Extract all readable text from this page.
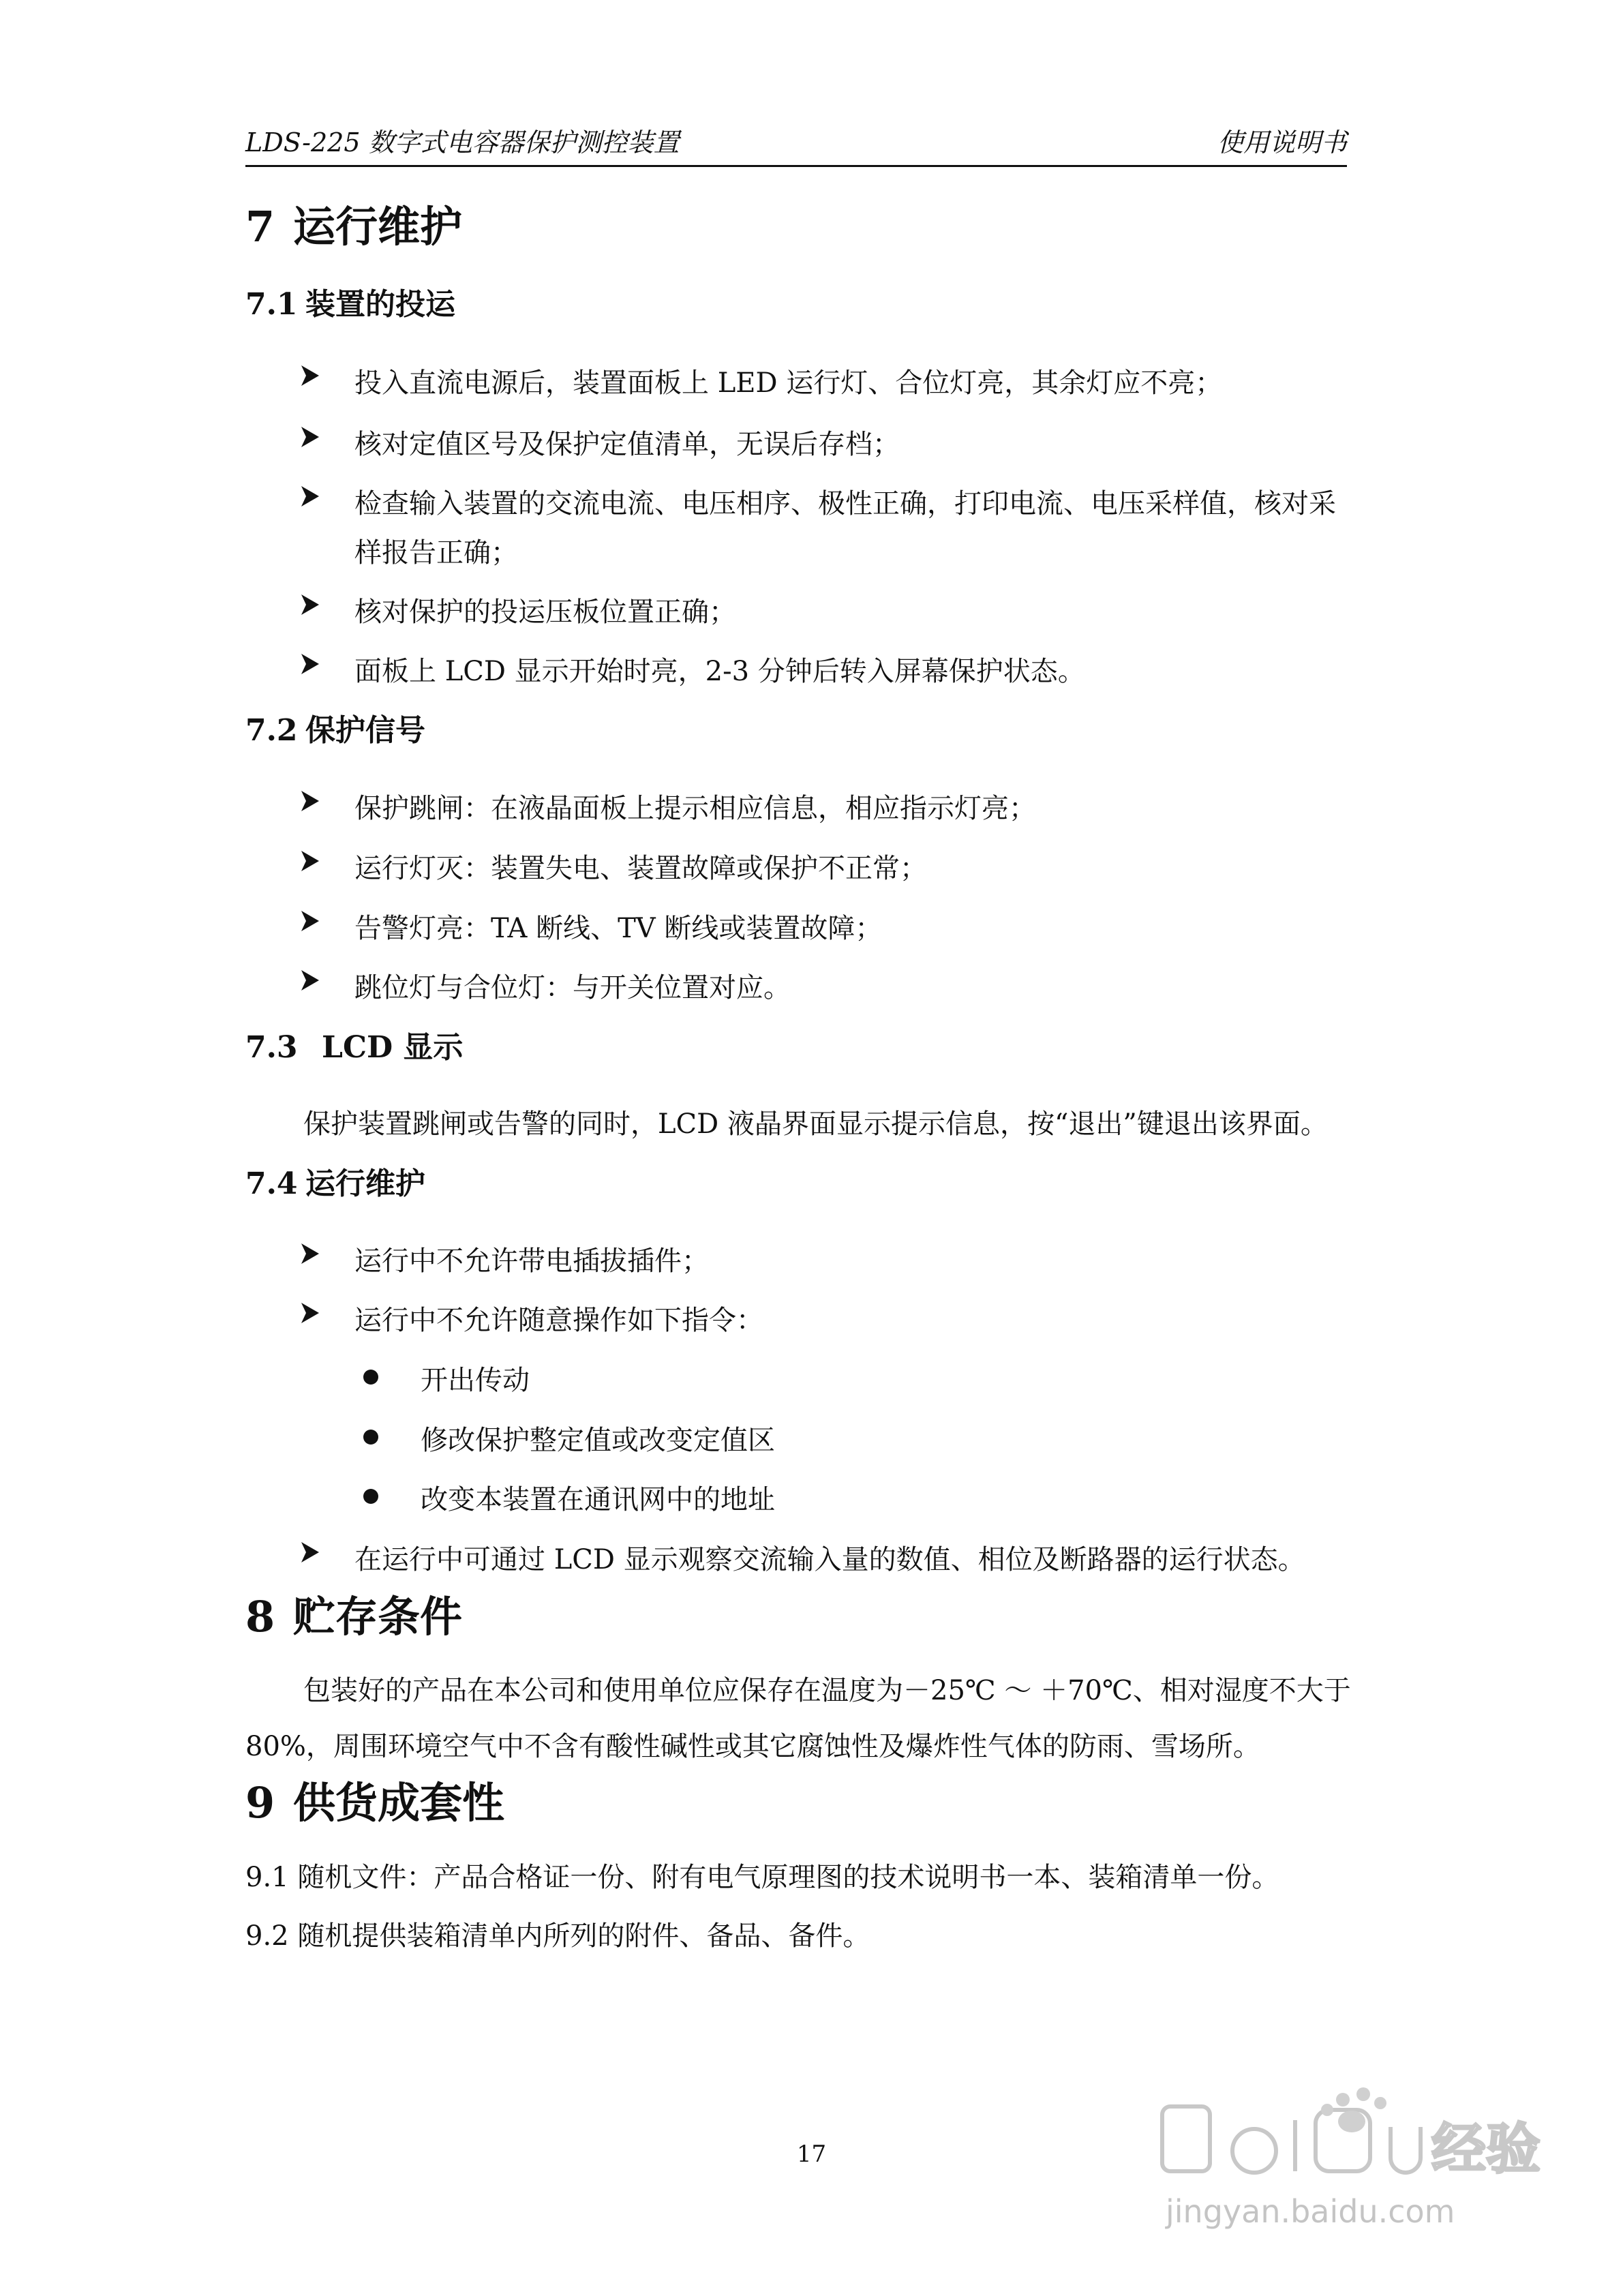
LDS-225 数字式电容器保护测控装置	使用说明书
7 运行维护
7.1 装置的投运
投入直流电源后，装置面板上 LED 运行灯、合位灯亮，其余灯应不亮；
核对定值区号及保护定值清单，无误后存档；
检查输入装置的交流电流、电压相序、极性正确，打印电流、电压采样值，核对采
样报告正确；
核对保护的投运压板位置正确；
面板上 LCD 显示开始时亮，2-3 分钟后转入屏幕保护状态。
7.2 保护信号
保护跳闸：在液晶面板上提示相应信息，相应指示灯亮；
运行灯灭：装置失电、装置故障或保护不正常；
告警灯亮：TA 断线、TV 断线或装置故障；
跳位灯与合位灯：与开关位置对应。
7.3 LCD 显示
保护装置跳闸或告警的同时，LCD 液晶界面显示提示信息，按“退出”键退出该界面。
7.4 运行维护
运行中不允许带电插拔插件；
运行中不允许随意操作如下指令：
开出传动
修改保护整定值或改变定值区
改变本装置在通讯网中的地址
在运行中可通过 LCD 显示观察交流输入量的数值、相位及断路器的运行状态。
8 贮存条件
包装好的产品在本公司和使用单位应保存在温度为－25℃ ～ ＋70℃、相对湿度不大于
80%，周围环境空气中不含有酸性碱性或其它腐蚀性及爆炸性气体的防雨、雪场所。
9 供货成套性
9.1 随机文件：产品合格证一份、附有电气原理图的技术说明书一本、装箱清单一份。
9.2 随机提供装箱清单内所列的附件、备品、备件。
17	经验
jingyan.baidu.com
